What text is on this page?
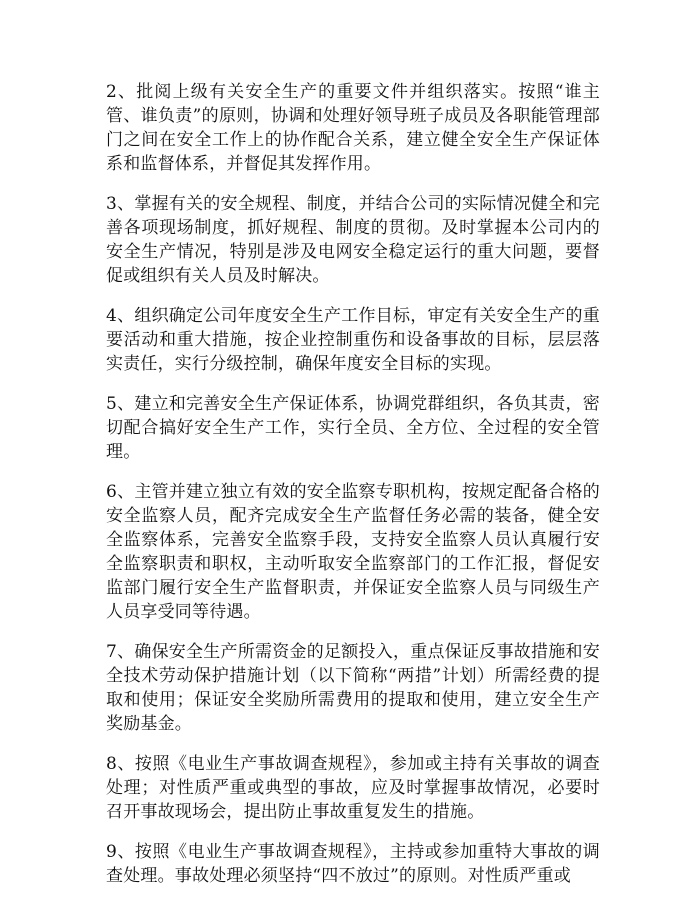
2、批阅上级有关安全生产的重要文件并组织落实。按照“谁主管、谁负责”的原则，协调和处理好领导班子成员及各职能管理部门之间在安全工作上的协作配合关系，建立健全安全生产保证体系和监督体系，并督促其发挥作用。

3、掌握有关的安全规程、制度，并结合公司的实际情况健全和完善各项现场制度，抓好规程、制度的贯彻。及时掌握本公司内的安全生产情况，特别是涉及电网安全稳定运行的重大问题，要督促或组织有关人员及时解决。

4、组织确定公司年度安全生产工作目标，审定有关安全生产的重要活动和重大措施，按企业控制重伤和设备事故的目标，层层落实责任，实行分级控制，确保年度安全目标的实现。

5、建立和完善安全生产保证体系，协调党群组织，各负其责，密切配合搞好安全生产工作，实行全员、全方位、全过程的安全管理。

6、主管并建立独立有效的安全监察专职机构，按规定配备合格的安全监察人员，配齐完成安全生产监督任务必需的装备，健全安全监察体系，完善安全监察手段，支持安全监察人员认真履行安全监察职责和职权，主动听取安全监察部门的工作汇报，督促安监部门履行安全生产监督职责，并保证安全监察人员与同级生产人员享受同等待遇。

7、确保安全生产所需资金的足额投入，重点保证反事故措施和安全技术劳动保护措施计划（以下简称“两措”计划）所需经费的提取和使用；保证安全奖励所需费用的提取和使用，建立安全生产奖励基金。

8、按照《电业生产事故调查规程》，参加或主持有关事故的调查处理；对性质严重或典型的事故，应及时掌握事故情况，必要时召开事故现场会，提出防止事故重复发生的措施。

9、按照《电业生产事故调查规程》，主持或参加重特大事故的调查处理。事故处理必须坚持“四不放过”的原则。对性质严重或
